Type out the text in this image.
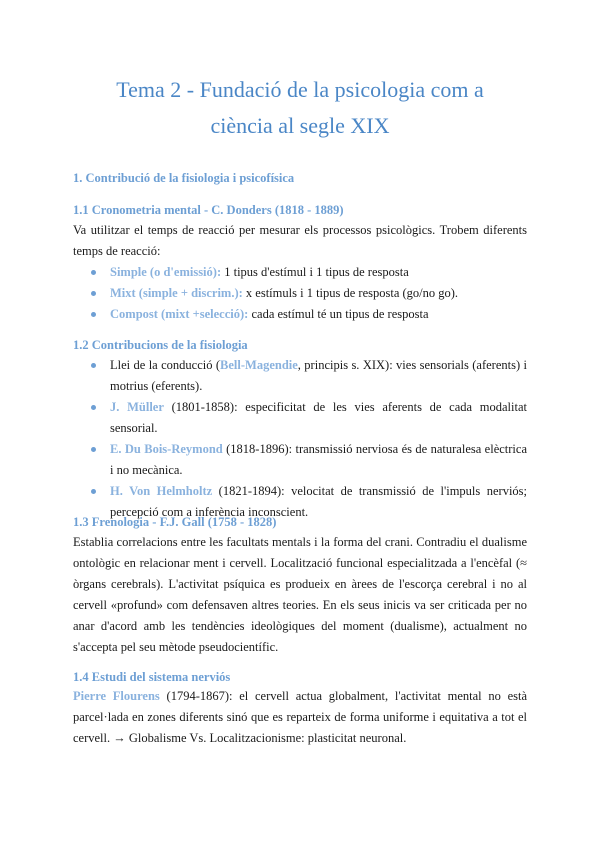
Tema 2 - Fundació de la psicologia com a
ciència al segle XIX
1. Contribució de la fisiologia i psicofísica
1.1 Cronometria mental - C. Donders (1818 - 1889)

Va utilitzar el temps de reacció per mesurar els processos psicològics. Trobem diferents temps de reacció:

Simple (o d'emissió): 1 tipus d'estímul i 1 tipus de resposta
Mixt (simple + discrim.): x estímuls i 1 tipus de resposta (go/no go).
Compost (mixt +selecció): cada estímul té un tipus de resposta
1.2 Contribucions de la fisiologia
Llei de la conducció (Bell-Magendie, principis s. XIX): vies sensorials (aferents) i motrius (eferents).
J. Müller (1801-1858): especificitat de les vies aferents de cada modalitat sensorial.
E. Du Bois-Reymond (1818-1896): transmissió nerviosa és de naturalesa elèctrica i no mecànica.
H. Von Helmholtz (1821-1894): velocitat de transmissió de l'impuls nerviós; percepció com a inferència inconscient.
1.3 Frenologia - F.J. Gall (1758 - 1828)

Establia correlacions entre les facultats mentals i la forma del crani. Contradiu el dualisme ontològic en relacionar ment i cervell. Localització funcional especialitzada a l'encèfal (≈ òrgans cerebrals). L'activitat psíquica es produeix en àrees de l'escorça cerebral i no al cervell «profund» com defensaven altres teories. En els seus inicis va ser criticada per no anar d'acord amb les tendències ideològiques del moment (dualisme), actualment no s'accepta pel seu mètode pseudocientífic.

1.4 Estudi del sistema nerviós

Pierre Flourens (1794-1867): el cervell actua globalment, l'activitat mental no està parcel·lada en zones diferents sinó que es reparteix de forma uniforme i equitativa a tot el cervell. → Globalisme Vs. Localitzacionisme: plasticitat neuronal.
